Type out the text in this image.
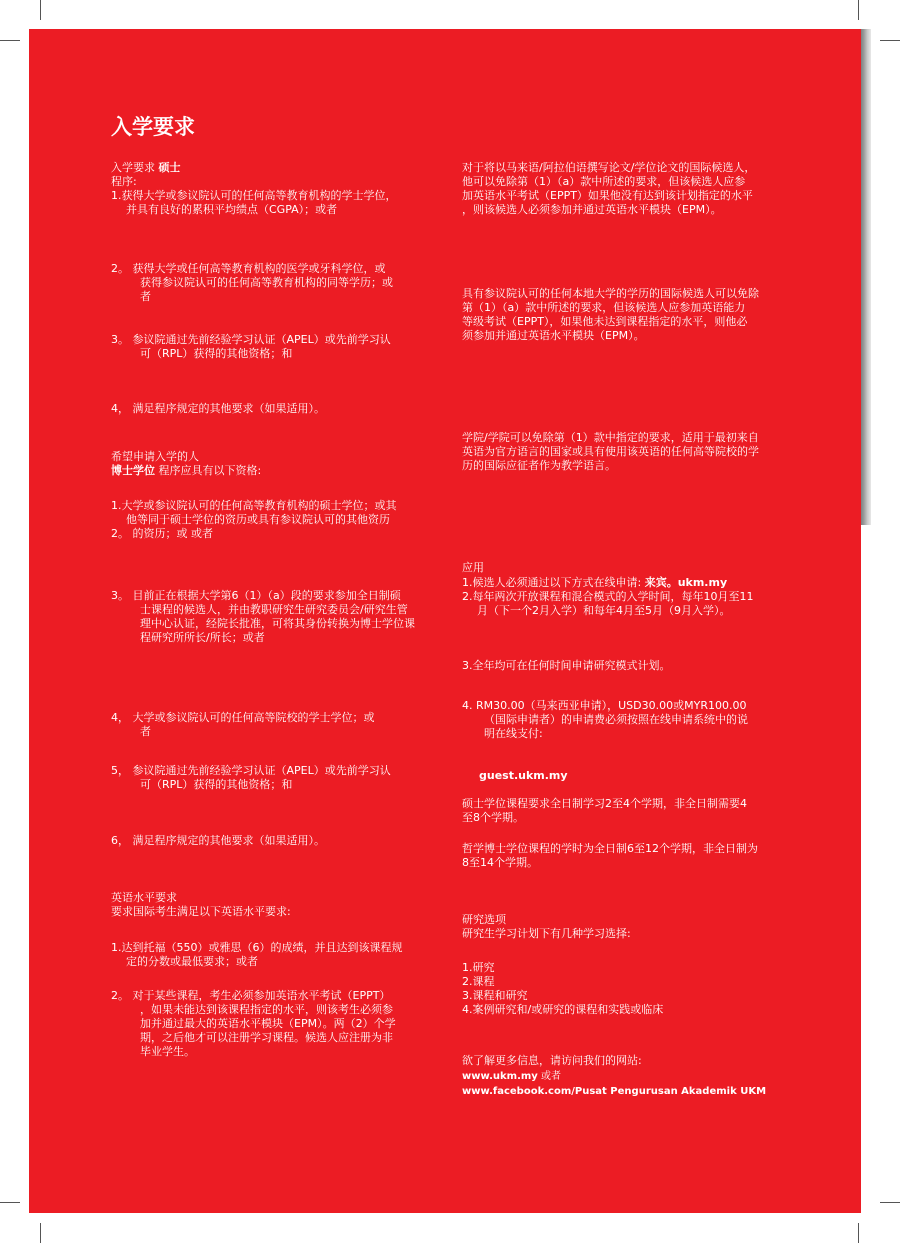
入学要求

入学要求 硕士

程序:

1.获得大学或参议院认可的任何高等教育机构的学士学位，

并具有良好的累积平均绩点（CGPA）；或者

2。 获得大学或任何高等教育机构的医学或牙科学位，或

获得参议院认可的任何高等教育机构的同等学历；或

者

3。 参议院通过先前经验学习认证（APEL）或先前学习认

可（RPL）获得的其他资格；和

4， 满足程序规定的其他要求（如果适用）。

希望申请入学的人

博士学位 程序应具有以下资格:

1.大学或参议院认可的任何高等教育机构的硕士学位；或其

他等同于硕士学位的资历或具有参议院认可的其他资历

2。 的资历；或 或者

3。 目前正在根据大学第6（1）（a）段的要求参加全日制硕

士课程的候选人，并由教职研究生研究委员会/研究生管

理中心认证，经院长批准，可将其身份转换为博士学位课

程研究所所长/所长；或者

4， 大学或参议院认可的任何高等院校的学士学位；或

者

5， 参议院通过先前经验学习认证（APEL）或先前学习认

可（RPL）获得的其他资格；和

6， 满足程序规定的其他要求（如果适用）。

英语水平要求

要求国际考生满足以下英语水平要求:

1.达到托福（550）或雅思（6）的成绩，并且达到该课程规

定的分数或最低要求；或者

2。 对于某些课程，考生必须参加英语水平考试（EPPT）

，如果未能达到该课程指定的水平，则该考生必须参

加并通过最大的英语水平模块（EPM）。两（2）个学

期，之后他才可以注册学习课程。候选人应注册为非

毕业学生。

对于将以马来语/阿拉伯语撰写论文/学位论文的国际候选人，

他可以免除第（1）（a）款中所述的要求，但该候选人应参

加英语水平考试（EPPT）如果他没有达到该计划指定的水平

，则该候选人必须参加并通过英语水平模块（EPM）。

具有参议院认可的任何本地大学的学历的国际候选人可以免除

第（1）（a）款中所述的要求，但该候选人应参加英语能力

等级考试（EPPT），如果他未达到课程指定的水平，则他必

须参加并通过英语水平模块（EPM）。

学院/学院可以免除第（1）款中指定的要求，适用于最初来自

英语为官方语言的国家或具有使用该英语的任何高等院校的学

历的国际应征者作为教学语言。

应用

1.候选人必须通过以下方式在线申请: 来宾。ukm.my

2.每年两次开放课程和混合模式的入学时间，每年10月至11

月（下一个2月入学）和每年4月至5月（9月入学）。

3.全年均可在任何时间申请研究模式计划。

4. RM30.00（马来西亚申请），USD30.00或MYR100.00

（国际申请者）的申请费必须按照在线申请系统中的说

明在线支付:

guest.ukm.my

硕士学位课程要求全日制学习2至4个学期，非全日制需要4

至8个学期。

哲学博士学位课程的学时为全日制6至12个学期，非全日制为

8至14个学期。

研究选项

研究生学习计划下有几种学习选择:

1.研究

2.课程

3.课程和研究

4.案例研究和/或研究的课程和实践或临床

欲了解更多信息，请访问我们的网站:

www.ukm.my 或者

www.facebook.com/Pusat Pengurusan Akademik UKM
